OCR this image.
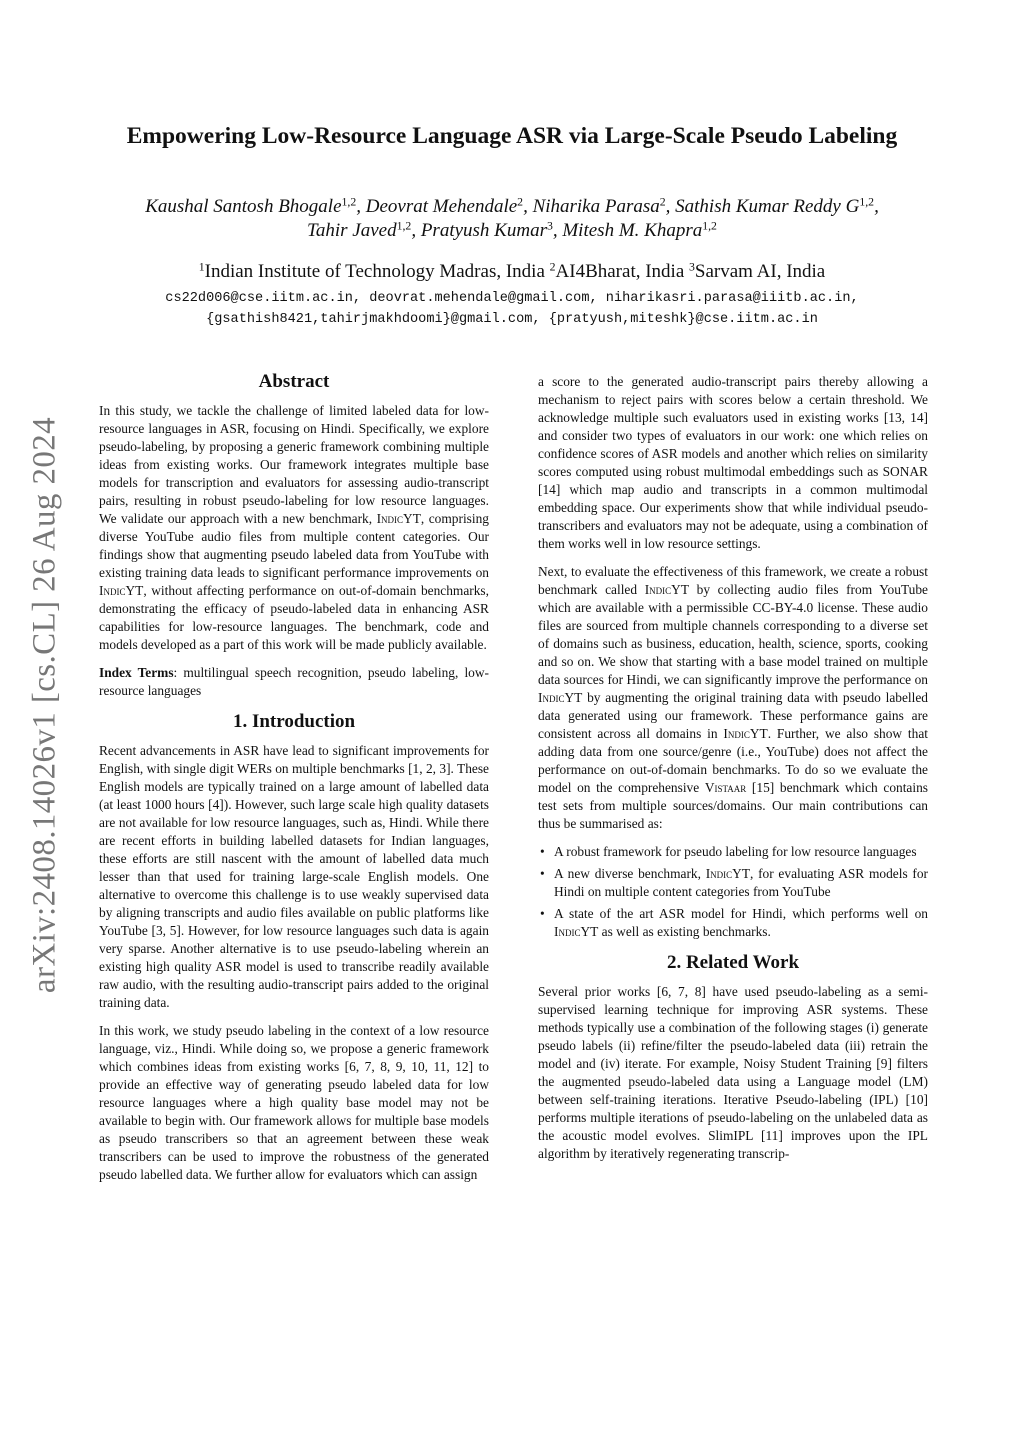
arXiv:2408.14026v1 [cs.CL] 26 Aug 2024
Empowering Low-Resource Language ASR via Large-Scale Pseudo Labeling
Kaushal Santosh Bhogale$^{1,2}$, Deovrat Mehendale$^2$, Niharika Parasa$^2$, Sathish Kumar Reddy G$^{1,2}$,
Tahir Javed$^{1,2}$, Pratyush Kumar$^3$, Mitesh M. Khapra$^{1,2}$
$^1$Indian Institute of Technology Madras, India $^2$AI4Bharat, India $^3$Sarvam AI, India
cs22d006@cse.iitm.ac.in, deovrat.mehendale@gmail.com, niharikasri.parasa@iiitb.ac.in,
{gsathish8421,tahirjmakhdoomi}@gmail.com, {pratyush,miteshk}@cse.iitm.ac.in
Abstract

In this study, we tackle the challenge of limited labeled data for low-resource languages in ASR, focusing on Hindi. Specifically, we explore pseudo-labeling, by proposing a generic framework combining multiple ideas from existing works. Our framework integrates multiple base models for transcription and evaluators for assessing audio-transcript pairs, resulting in robust pseudo-labeling for low resource languages. We validate our approach with a new benchmark, IndicYT, comprising diverse YouTube audio files from multiple content categories. Our findings show that augmenting pseudo labeled data from YouTube with existing training data leads to significant performance improvements on IndicYT, without affecting performance on out-of-domain benchmarks, demonstrating the efficacy of pseudo-labeled data in enhancing ASR capabilities for low-resource languages. The benchmark, code and models developed as a part of this work will be made publicly available.

Index Terms: multilingual speech recognition, pseudo labeling, low-resource languages

1. Introduction

Recent advancements in ASR have lead to significant improvements for English, with single digit WERs on multiple benchmarks [1, 2, 3]. These English models are typically trained on a large amount of labelled data (at least 1000 hours [4]). However, such large scale high quality datasets are not available for low resource languages, such as, Hindi. While there are recent efforts in building labelled datasets for Indian languages, these efforts are still nascent with the amount of labelled data much lesser than that used for training large-scale English models. One alternative to overcome this challenge is to use weakly supervised data by aligning transcripts and audio files available on public platforms like YouTube [3, 5]. However, for low resource languages such data is again very sparse. Another alternative is to use pseudo-labeling wherein an existing high quality ASR model is used to transcribe readily available raw audio, with the resulting audio-transcript pairs added to the original training data.

In this work, we study pseudo labeling in the context of a low resource language, viz., Hindi. While doing so, we propose a generic framework which combines ideas from existing works [6, 7, 8, 9, 10, 11, 12] to provide an effective way of generating pseudo labeled data for low resource languages where a high quality base model may not be available to begin with. Our framework allows for multiple base models as pseudo transcribers so that an agreement between these weak transcribers can be used to improve the robustness of the generated pseudo labelled data. We further allow for evaluators which can assign

a score to the generated audio-transcript pairs thereby allowing a mechanism to reject pairs with scores below a certain threshold. We acknowledge multiple such evaluators used in existing works [13, 14] and consider two types of evaluators in our work: one which relies on confidence scores of ASR models and another which relies on similarity scores computed using robust multimodal embeddings such as SONAR [14] which map audio and transcripts in a common multimodal embedding space. Our experiments show that while individual pseudo-transcribers and evaluators may not be adequate, using a combination of them works well in low resource settings.

Next, to evaluate the effectiveness of this framework, we create a robust benchmark called IndicYT by collecting audio files from YouTube which are available with a permissible CC-BY-4.0 license. These audio files are sourced from multiple channels corresponding to a diverse set of domains such as business, education, health, science, sports, cooking and so on. We show that starting with a base model trained on multiple data sources for Hindi, we can significantly improve the performance on IndicYT by augmenting the original training data with pseudo labelled data generated using our framework. These performance gains are consistent across all domains in IndicYT. Further, we also show that adding data from one source/genre (i.e., YouTube) does not affect the performance on out-of-domain benchmarks. To do so we evaluate the model on the comprehensive Vistaar [15] benchmark which contains test sets from multiple sources/domains. Our main contributions can thus be summarised as:

• A robust framework for pseudo labeling for low resource languages
• A new diverse benchmark, IndicYT, for evaluating ASR models for Hindi on multiple content categories from YouTube
• A state of the art ASR model for Hindi, which performs well on IndicYT as well as existing benchmarks.
2. Related Work

Several prior works [6, 7, 8] have used pseudo-labeling as a semi-supervised learning technique for improving ASR systems. These methods typically use a combination of the following stages (i) generate pseudo labels (ii) refine/filter the pseudo-labeled data (iii) retrain the model and (iv) iterate. For example, Noisy Student Training [9] filters the augmented pseudo-labeled data using a Language model (LM) between self-training iterations. Iterative Pseudo-labeling (IPL) [10] performs multiple iterations of pseudo-labeling on the unlabeled data as the acoustic model evolves. SlimIPL [11] improves upon the IPL algorithm by iteratively regenerating transcrip-
